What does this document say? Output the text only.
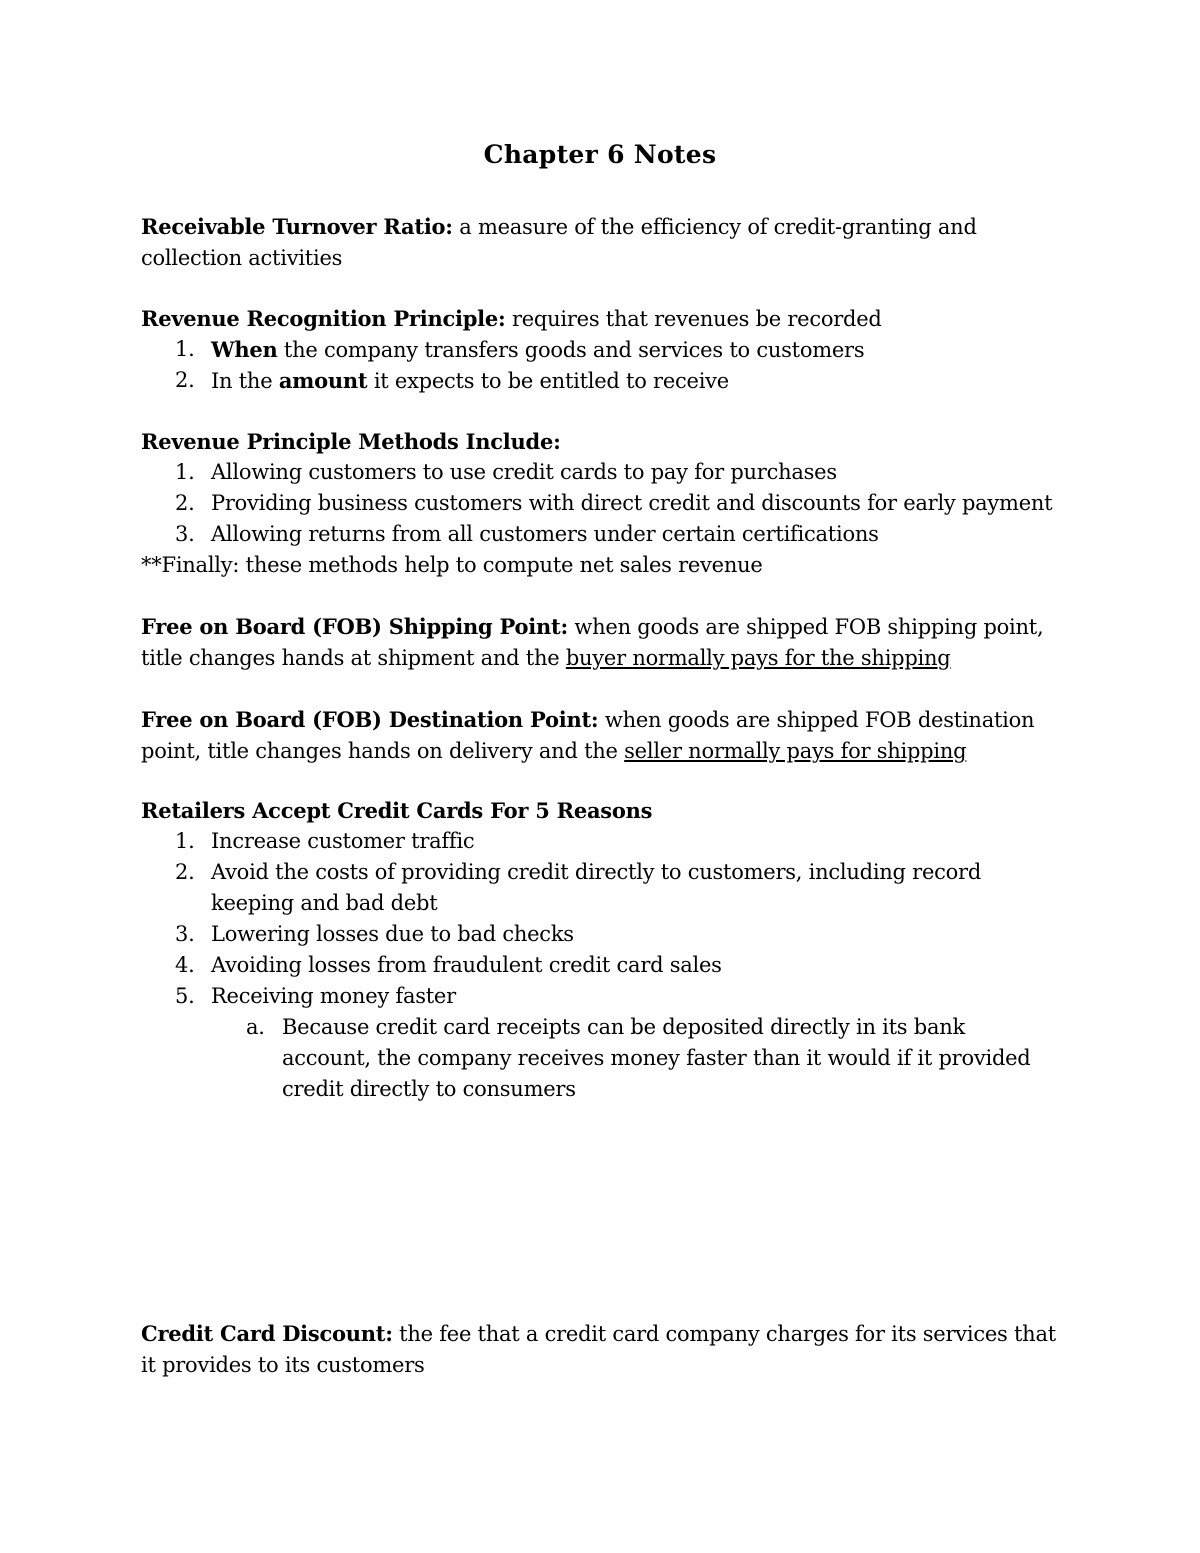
Chapter 6 Notes
Receivable Turnover Ratio: a measure of the efficiency of credit-granting and collection activities
Revenue Recognition Principle: requires that revenues be recorded
1. When the company transfers goods and services to customers
2. In the amount it expects to be entitled to receive
Revenue Principle Methods Include:
1. Allowing customers to use credit cards to pay for purchases
2. Providing business customers with direct credit and discounts for early payment
3. Allowing returns from all customers under certain certifications
**Finally: these methods help to compute net sales revenue
Free on Board (FOB) Shipping Point: when goods are shipped FOB shipping point, title changes hands at shipment and the buyer normally pays for the shipping
Free on Board (FOB) Destination Point: when goods are shipped FOB destination point, title changes hands on delivery and the seller normally pays for shipping
Retailers Accept Credit Cards For 5 Reasons
1. Increase customer traffic
2. Avoid the costs of providing credit directly to customers, including record keeping and bad debt
3. Lowering losses due to bad checks
4. Avoiding losses from fraudulent credit card sales
5. Receiving money faster
a. Because credit card receipts can be deposited directly in its bank account, the company receives money faster than it would if it provided credit directly to consumers
Credit Card Discount: the fee that a credit card company charges for its services that it provides to its customers
